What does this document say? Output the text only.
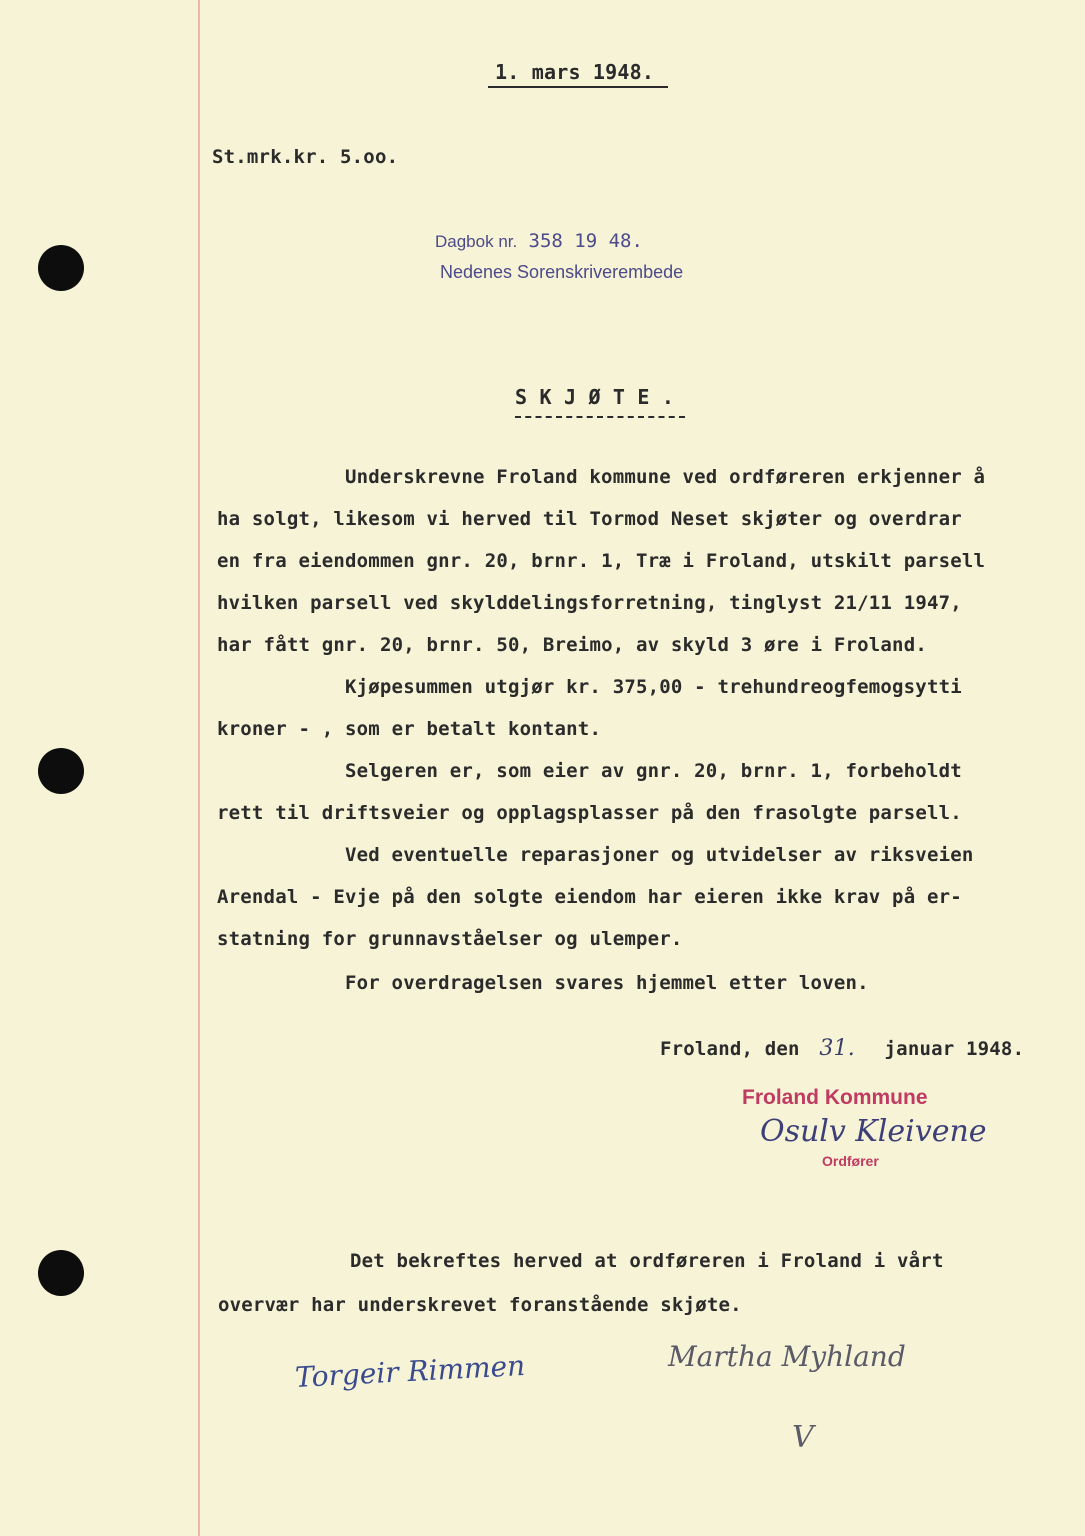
1. mars 1948.
St.mrk.kr. 5.oo.
Dagbok nr. 358 19 48.
Nedenes Sorenskriverembede
S K J Ø T E .
Underskrevne Froland kommune ved ordføreren erkjenner å
ha solgt, likesom vi herved til Tormod Neset skjøter og overdrar
en fra eiendommen gnr. 20, brnr. 1, Træ i Froland, utskilt parsell
hvilken parsell ved skylddelingsforretning, tinglyst 21/11 1947,
har fått gnr. 20, brnr. 50, Breimo, av skyld 3 øre i Froland.
Kjøpesummen utgjør kr. 375,00 - trehundreogfemogsytti
kroner - , som er betalt kontant.
Selgeren er, som eier av gnr. 20, brnr. 1, forbeholdt
rett til driftsveier og opplagsplasser på den frasolgte parsell.
Ved eventuelle reparasjoner og utvidelser av riksveien
Arendal - Evje på den solgte eiendom har eieren ikke krav på er-
statning for grunnavståelser og ulemper.
For overdragelsen svares hjemmel etter loven.
Froland, den 31. januar 1948.
Froland Kommune
Osulv Kleivene
Ordfører
Det bekreftes herved at ordføreren i Froland i vårt
overvær har underskrevet foranstående skjøte.
Torgeir Rimmen	Martha Myhland
V
